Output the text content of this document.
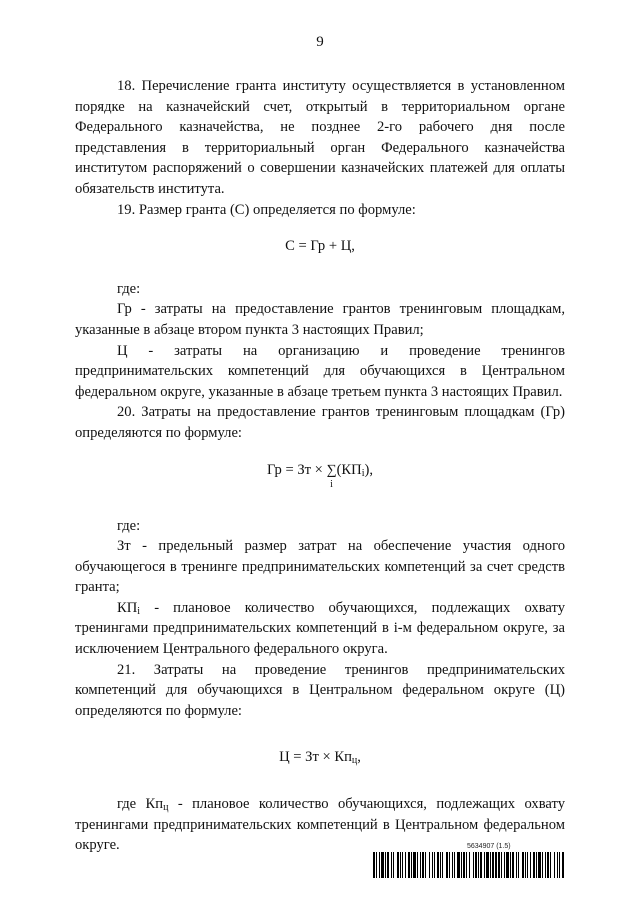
9

18. Перечисление гранта институту осуществляется в установленном порядке на казначейский счет, открытый в территориальном органе Федерального казначейства, не позднее 2-го рабочего дня после представления в территориальный орган Федерального казначейства институтом распоряжений о совершении казначейских платежей для оплаты обязательств института.

19. Размер гранта (C) определяется по формуле:

C = Гр + Ц,

где:

Гр - затраты на предоставление грантов тренинговым площадкам, указанные в абзаце втором пункта 3 настоящих Правил;

Ц - затраты на организацию и проведение тренингов предпринимательских компетенций для обучающихся в Центральном федеральном округе, указанные в абзаце третьем пункта 3 настоящих Правил.

20. Затраты на предоставление грантов тренинговым площадкам (Гр) определяются по формуле:

Гр = Зт × ∑
i
$(КП_i)$,

где:

Зт - предельный размер затрат на обеспечение участия одного обучающегося в тренинге предпринимательских компетенций за счет средств гранта;

$КП_i$ - плановое количество обучающихся, подлежащих охвату тренингами предпринимательских компетенций в i-м федеральном округе, за исключением Центрального федерального округа.

21. Затраты на проведение тренингов предпринимательских компетенций для обучающихся в Центральном федеральном округе (Ц) определяются по формуле:

Ц = Зт × $Кп_ц$,

где $Кп_ц$ - плановое количество обучающихся, подлежащих охвату тренингами предпринимательских компетенций в Центральном федеральном округе.	5634907 (1.5)
